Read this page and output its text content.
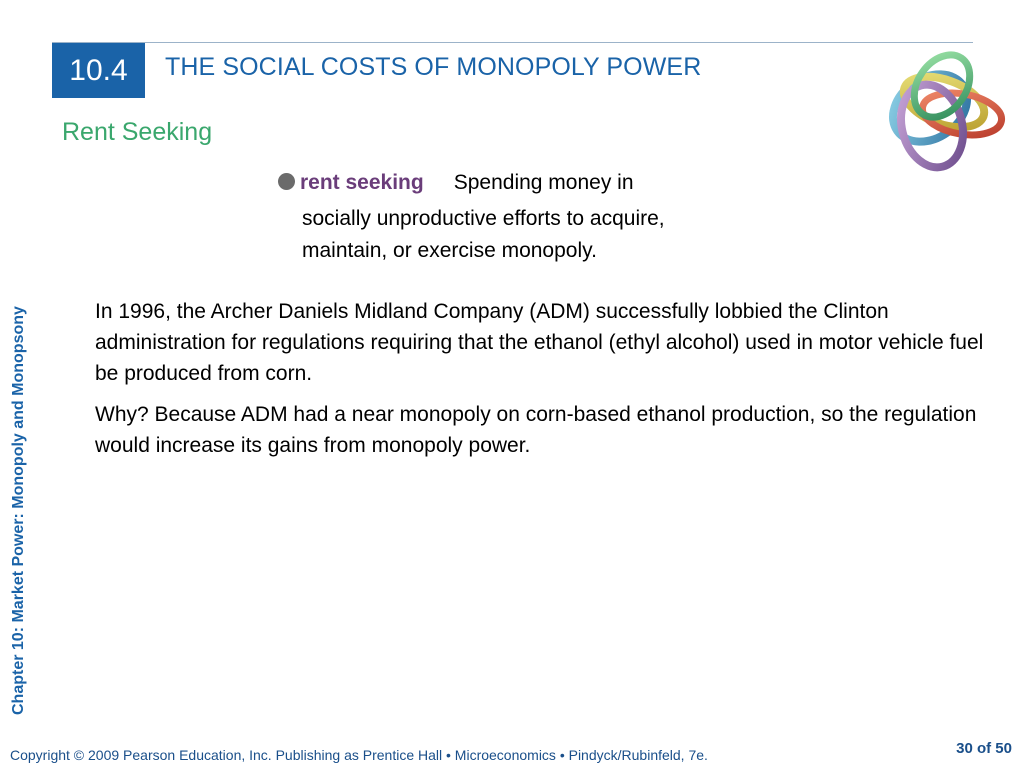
10.4	THE SOCIAL COSTS OF MONOPOLY POWER
Rent Seeking
Chapter 10: Market Power: Monopoly and Monopsony
rent seeking Spending money in
socially unproductive efforts to acquire,
maintain, or exercise monopoly.

In 1996, the Archer Daniels Midland Company (ADM) successfully lobbied the Clinton administration for regulations requiring that the ethanol (ethyl alcohol) used in motor vehicle fuel be produced from corn.

Why? Because ADM had a near monopoly on corn-based ethanol production, so the regulation would increase its gains from monopoly power.

Copyright © 2009 Pearson Education, Inc. Publishing as Prentice Hall • Microeconomics • Pindyck/Rubinfeld, 7e.	30 of 50
